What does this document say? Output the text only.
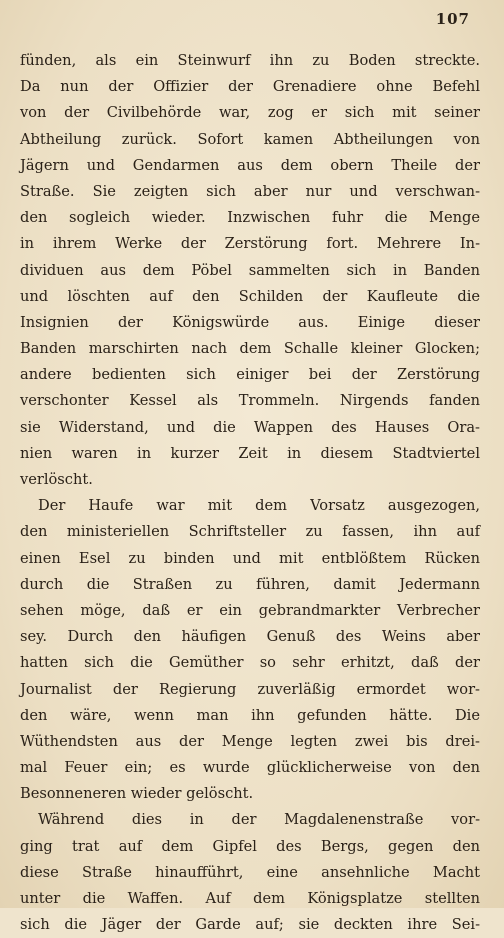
107
fünden, als ein Steinwurf ihn zu Boden streckte.
Da nun der Offizier der Grenadiere ohne Befehl
von der Civilbehörde war, zog er sich mit seiner
Abtheilung zurück. Sofort kamen Abtheilungen von
Jägern und Gendarmen aus dem obern Theile der
Straße. Sie zeigten sich aber nur und verschwan-
den sogleich wieder. Inzwischen fuhr die Menge
in ihrem Werke der Zerstörung fort. Mehrere In-
dividuen aus dem Pöbel sammelten sich in Banden
und löschten auf den Schilden der Kaufleute die
Insignien der Königswürde aus. Einige dieser
Banden marschirten nach dem Schalle kleiner Glocken;
andere bedienten sich einiger bei der Zerstörung
verschonter Kessel als Trommeln. Nirgends fanden
sie Widerstand, und die Wappen des Hauses Ora-
nien waren in kurzer Zeit in diesem Stadtviertel
verlöscht.
Der Haufe war mit dem Vorsatz ausgezogen,
den ministeriellen Schriftsteller zu fassen, ihn auf
einen Esel zu binden und mit entblößtem Rücken
durch die Straßen zu führen, damit Jedermann
sehen möge, daß er ein gebrandmarkter Verbrecher
sey. Durch den häufigen Genuß des Weins aber
hatten sich die Gemüther so sehr erhitzt, daß der
Journalist der Regierung zuverläßig ermordet wor-
den wäre, wenn man ihn gefunden hätte. Die
Wüthendsten aus der Menge legten zwei bis drei-
mal Feuer ein; es wurde glücklicherweise von den
Besonneneren wieder gelöscht.
Während dies in der Magdalenenstraße vor-
ging trat auf dem Gipfel des Bergs, gegen den
diese Straße hinaufführt, eine ansehnliche Macht
unter die Waffen. Auf dem Königsplatze stellten
sich die Jäger der Garde auf; sie deckten ihre Sei-
